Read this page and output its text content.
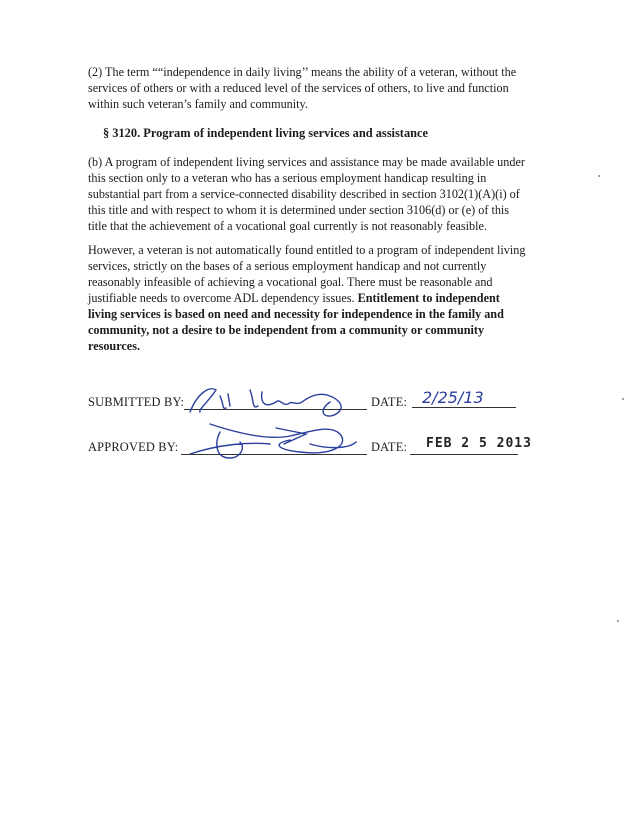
(2) The term ““independence in daily living’’ means the ability of a veteran, without the
services of others or with a reduced level of the services of others, to live and function
within such veteran’s family and community.
§ 3120. Program of independent living services and assistance
(b) A program of independent living services and assistance may be made available under
this section only to a veteran who has a serious employment handicap resulting in
substantial part from a service-connected disability described in section 3102(1)(A)(i) of
this title and with respect to whom it is determined under section 3106(d) or (e) of this
title that the achievement of a vocational goal currently is not reasonably feasible.
However, a veteran is not automatically found entitled to a program of independent living
services, strictly on the bases of a serious employment handicap and not currently
reasonably infeasible of achieving a vocational goal. There must be reasonable and
justifiable needs to overcome ADL dependency issues. Entitlement to independent
living services is based on need and necessity for independence in the family and
community, not a desire to be independent from a community or community
resources.
SUBMITTED BY:	DATE: 2/25/13
APPROVED BY:	DATE: FEB 2 5 2013
